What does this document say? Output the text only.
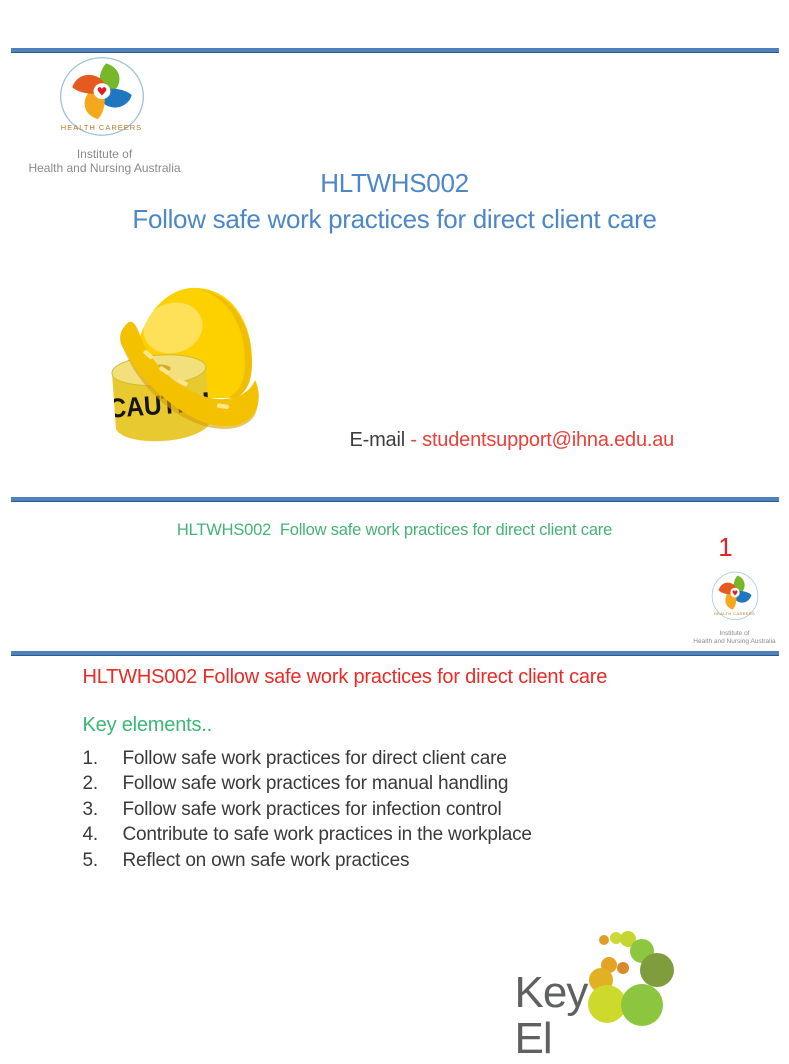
HEALTH CAREERS
Institute of
Health and Nursing Australia	HLTWHS002
Follow safe work practices for direct client care
E-mail - studentsupport@ihna.edu.au
HLTWHS002  Follow safe work practices for direct client care
1
HEALTH CAREERS
Institute of
Health and Nursing Australia
HLTWHS002 Follow safe work practices for direct client care
Key elements..
1.	Follow safe work practices for direct client care
2.	Follow safe work practices for manual handling
3.	Follow safe work practices for infection control
4.	Contribute to safe work practices in the workplace
5.	Reflect on own safe work practices
Key
El
